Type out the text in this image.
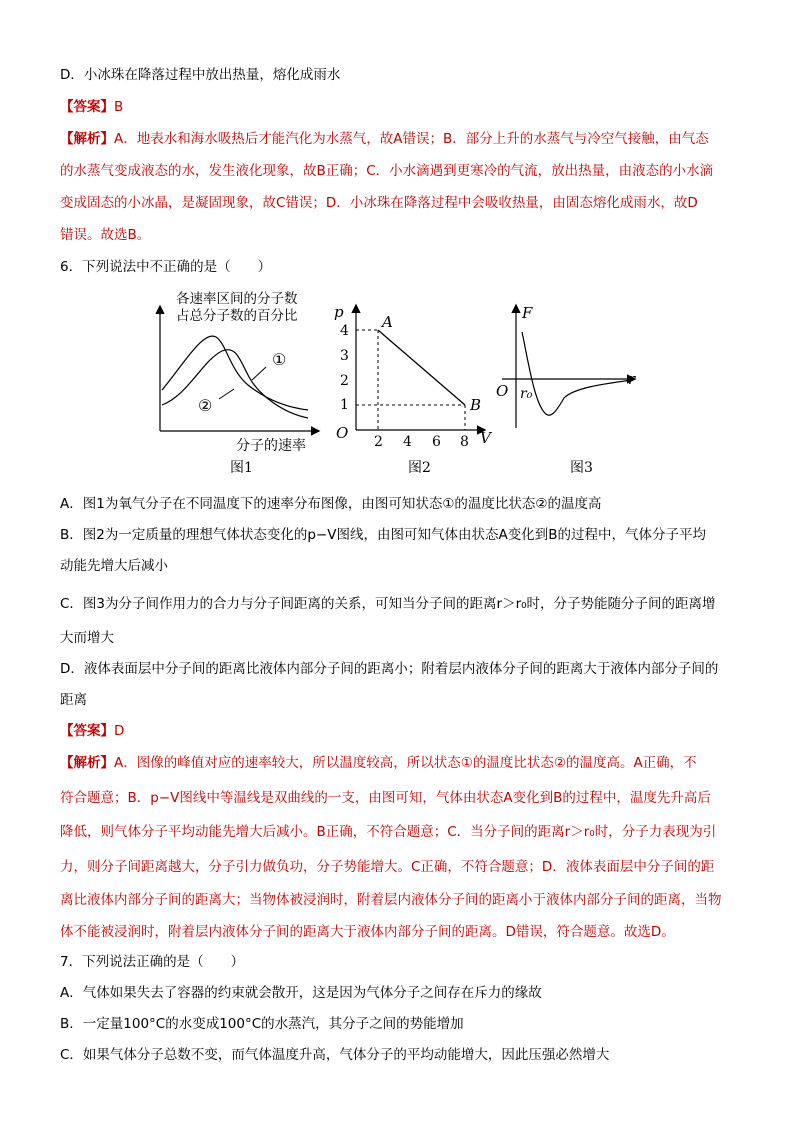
D．小冰珠在降落过程中放出热量，熔化成雨水
【答案】B
【解析】A．地表水和海水吸热后才能汽化为水蒸气，故A错误；B．部分上升的水蒸气与冷空气接触，由气态
的水蒸气变成液态的水，发生液化现象，故B正确；C．小水滴遇到更寒冷的气流，放出热量，由液态的小水滴
变成固态的小冰晶，是凝固现象，故C错误；D．小冰珠在降落过程中会吸收热量，由固态熔化成雨水，故D
错误。故选B。
6．下列说法中不正确的是（　　）
各速率区间的分子数
占总分子数的百分比
①
②
分子的速率
图1
p
V
O
1
2
3
4
2 4 6 8
A
B
图2
F
r
O r₀
图3
A．图1为氧气分子在不同温度下的速率分布图像，由图可知状态①的温度比状态②的温度高
B．图2为一定质量的理想气体状态变化的p−V图线，由图可知气体由状态A变化到B的过程中，气体分子平均
动能先增大后减小
C．图3为分子间作用力的合力与分子间距离的关系，可知当分子间的距离r＞r₀时，分子势能随分子间的距离增
大而增大
D．液体表面层中分子间的距离比液体内部分子间的距离小；附着层内液体分子间的距离大于液体内部分子间的
距离
【答案】D
【解析】A．图像的峰值对应的速率较大，所以温度较高，所以状态①的温度比状态②的温度高。A正确，不
符合题意；B．p−V图线中等温线是双曲线的一支，由图可知，气体由状态A变化到B的过程中，温度先升高后
降低，则气体分子平均动能先增大后减小。B正确，不符合题意；C．当分子间的距离r＞r₀时，分子力表现为引
力，则分子间距离越大，分子引力做负功，分子势能增大。C正确，不符合题意；D．液体表面层中分子间的距
离比液体内部分子间的距离大；当物体被浸润时，附着层内液体分子间的距离小于液体内部分子间的距离，当物
体不能被浸润时，附着层内液体分子间的距离大于液体内部分子间的距离。D错误，符合题意。故选D。
7．下列说法正确的是（　　）
A．气体如果失去了容器的约束就会散开，这是因为气体分子之间存在斥力的缘故
B．一定量100°C的水变成100°C的水蒸汽，其分子之间的势能增加
C．如果气体分子总数不变，而气体温度升高，气体分子的平均动能增大，因此压强必然增大
